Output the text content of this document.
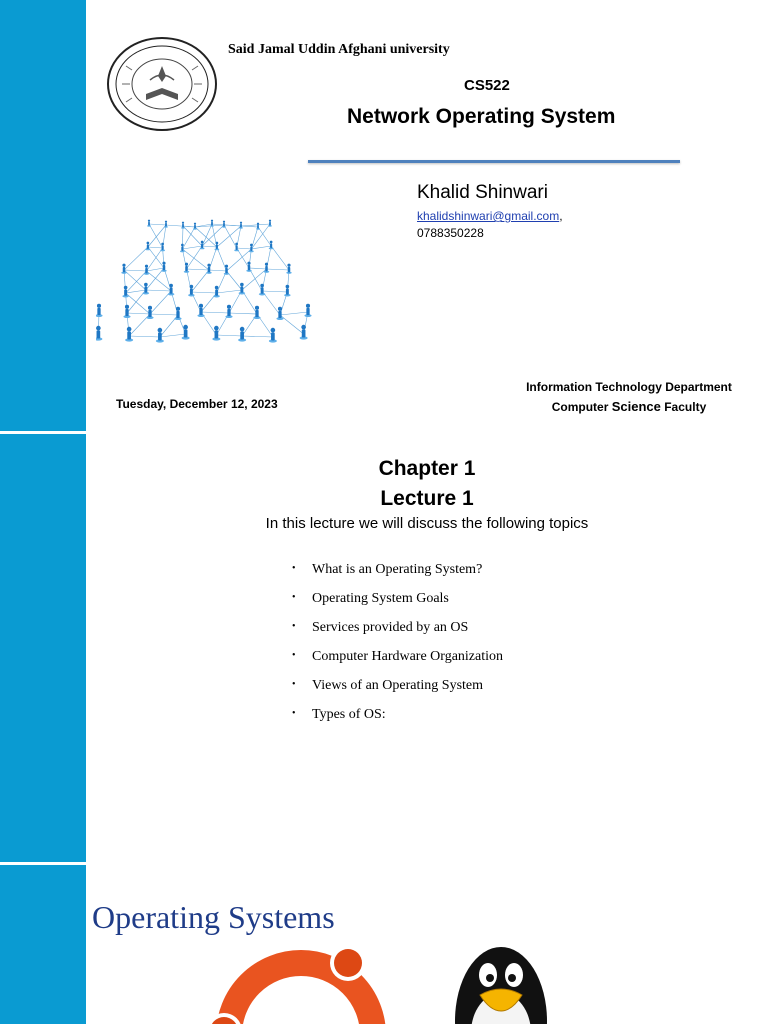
Said Jamal Uddin Afghani university
CS522
Network Operating System
Khalid Shinwari
khalidshinwari@gmail.com,
0788350228
Tuesday, December 12, 2023
Information Technology Department
Computer Science Faculty
Chapter 1
Lecture 1
In this lecture we will discuss the following topics
• What is an Operating System?
• Operating System Goals
• Services provided by an OS
• Computer Hardware Organization
• Views of an Operating System
• Types of OS:
Operating Systems
